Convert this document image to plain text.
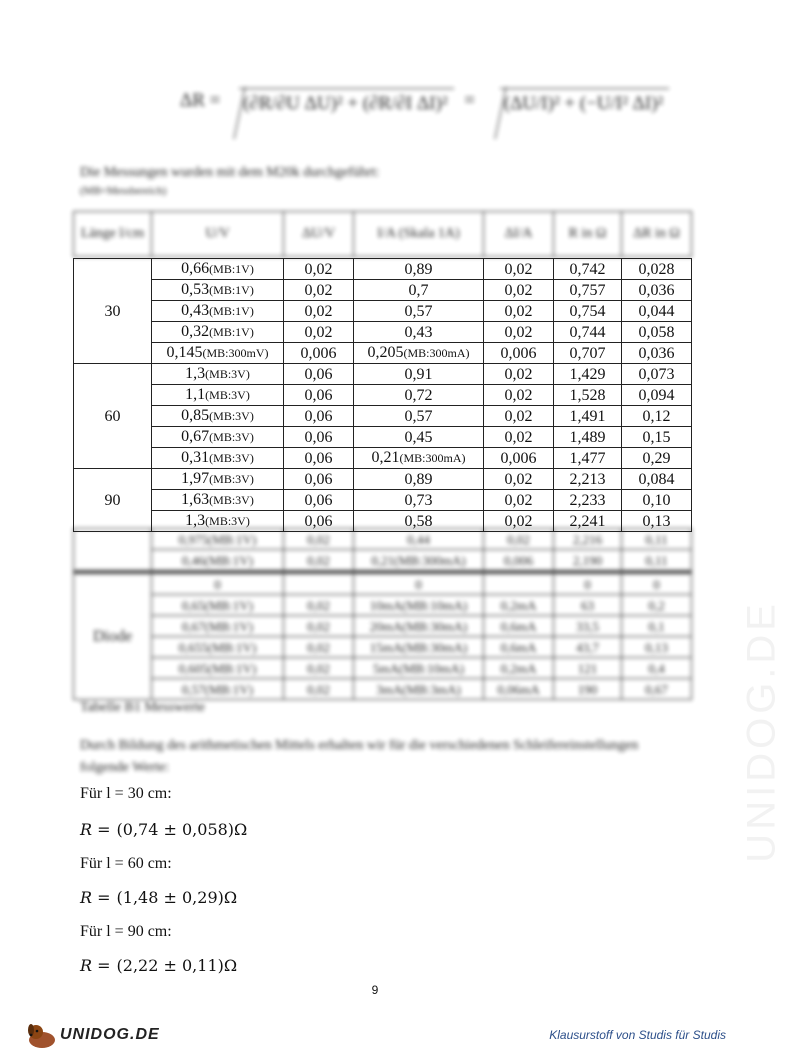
ΔR = (∂R/∂U ΔU)² + (∂R/∂I ΔI)² = (ΔU/I)² + (−U/I² ΔI)²
Die Messungen wurden mit dem M20k durchgeführt:
(MB=Messbereich)
Länge l/cm	U/V	ΔU/V	I/A (Skala 1A)	ΔI/A	R in Ω	ΔR in Ω
30	0,66(MB:1V)	0,02	0,89	0,02	0,742	0,028
	0,53(MB:1V)	0,02	0,7	0,02	0,757	0,036
	0,43(MB:1V)	0,02	0,57	0,02	0,754	0,044
	0,32(MB:1V)	0,02	0,43	0,02	0,744	0,058
	0,145(MB:300mV)	0,006	0,205(MB:300mA)	0,006	0,707	0,036
60	1,3(MB:3V)	0,06	0,91	0,02	1,429	0,073
	1,1(MB:3V)	0,06	0,72	0,02	1,528	0,094
	0,85(MB:3V)	0,06	0,57	0,02	1,491	0,12
	0,67(MB:3V)	0,06	0,45	0,02	1,489	0,15
	0,31(MB:3V)	0,06	0,21(MB:300mA)	0,006	1,477	0,29
90	1,97(MB:3V)	0,06	0,89	0,02	2,213	0,084
	1,63(MB:3V)	0,06	0,73	0,02	2,233	0,10
	1,3(MB:3V)	0,06	0,58	0,02	2,241	0,13
	0,975(MB:1V)	0,02	0,44	0,02	2,216	0,11
	0,46(MB:1V)	0,02	0,21(MB:300mA)	0,006	2,190	0,11
Diode	0		0		0	0
	0,65(MB:1V)	0,02	10mA(MB:10mA)	0,2mA	63	0,2
	0,67(MB:1V)	0,02	20mA(MB:30mA)	0,6mA	33,5	0,1
	0,655(MB:1V)	0,02	15mA(MB:30mA)	0,6mA	43,7	0,13
	0,605(MB:1V)	0,02	5mA(MB:10mA)	0,2mA	121	0,4
	0,57(MB:1V)	0,02	3mA(MB:3mA)	0,06mA	190	0,67
Tabelle B1 Messwerte
Durch Bildung des arithmetischen Mittels erhalten wir für die verschiedenen Schleifereinstellungen folgende Werte:
Für l = 30 cm:
R = (0,74 ± 0,058)Ω
Für l = 60 cm:
R = (1,48 ± 0,29)Ω
Für l = 90 cm:
R = (2,22 ± 0,11)Ω
UNIDOG.DE
9
UNIDOG.DE	Klausurstoff von Studis für Studis
